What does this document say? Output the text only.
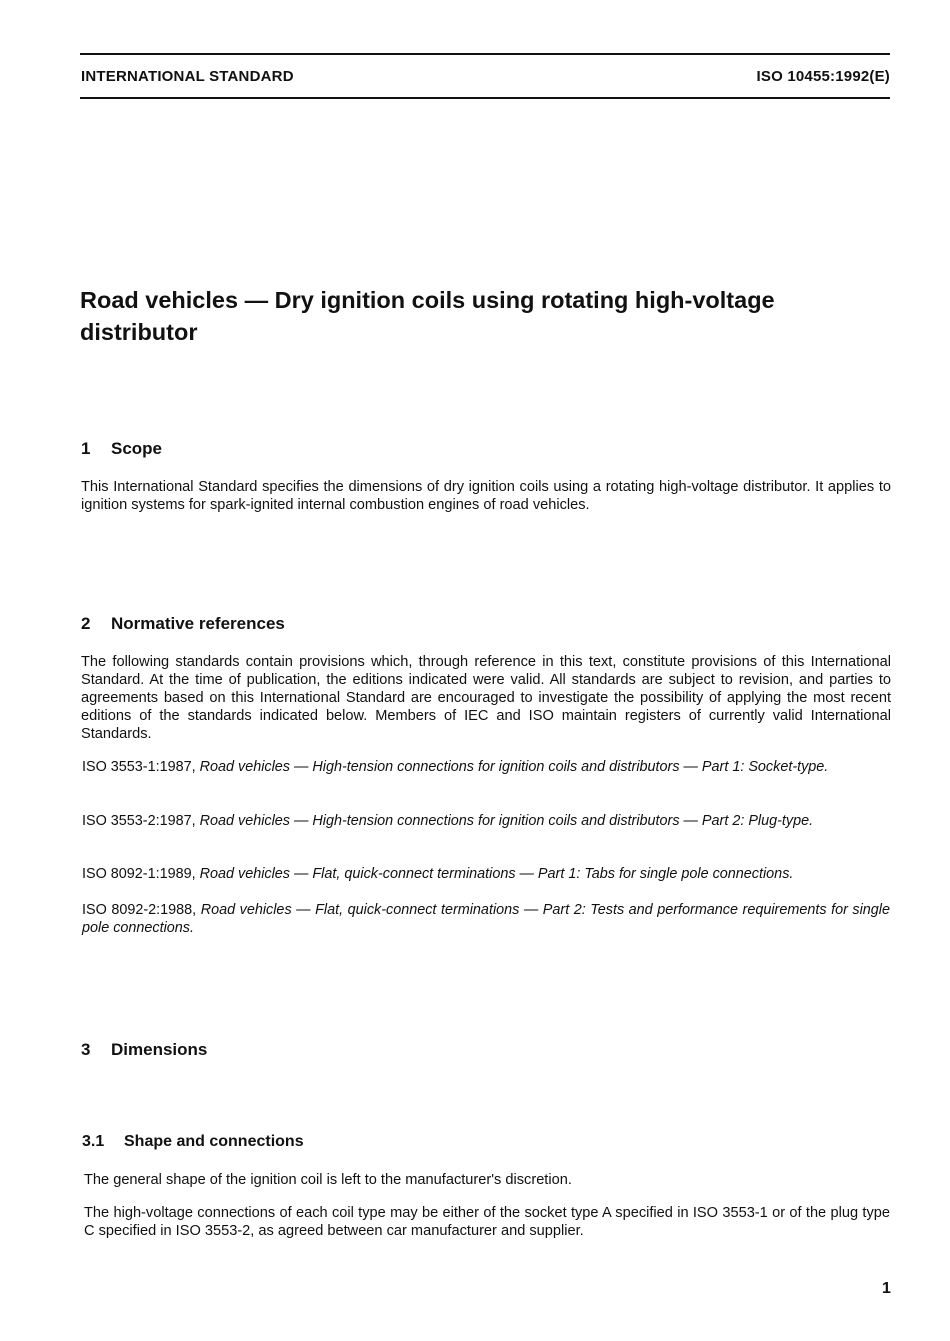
INTERNATIONAL STANDARD	ISO 10455:1992(E)
Road vehicles — Dry ignition coils using rotating high-voltage distributor
1 Scope
This International Standard specifies the dimensions of dry ignition coils using a rotating high-voltage distributor. It applies to ignition systems for spark-ignited internal combustion engines of road vehicles.
2 Normative references
The following standards contain provisions which, through reference in this text, constitute provisions of this International Standard. At the time of publication, the editions indicated were valid. All standards are subject to revision, and parties to agreements based on this International Standard are encouraged to investigate the possibility of applying the most recent editions of the standards indicated below. Members of IEC and ISO maintain registers of currently valid International Standards.
ISO 3553-1:1987, Road vehicles — High-tension connections for ignition coils and distributors — Part 1: Socket-type.
ISO 3553-2:1987, Road vehicles — High-tension connections for ignition coils and distributors — Part 2: Plug-type.
ISO 8092-1:1989, Road vehicles — Flat, quick-connect terminations — Part 1: Tabs for single pole connections.
ISO 8092-2:1988, Road vehicles — Flat, quick-connect terminations — Part 2: Tests and performance requirements for single pole connections.
3 Dimensions
3.1 Shape and connections
The general shape of the ignition coil is left to the manufacturer's discretion.
The high-voltage connections of each coil type may be either of the socket type A specified in ISO 3553-1 or of the plug type C specified in ISO 3553-2, as agreed between car manufacturer and supplier.
1
